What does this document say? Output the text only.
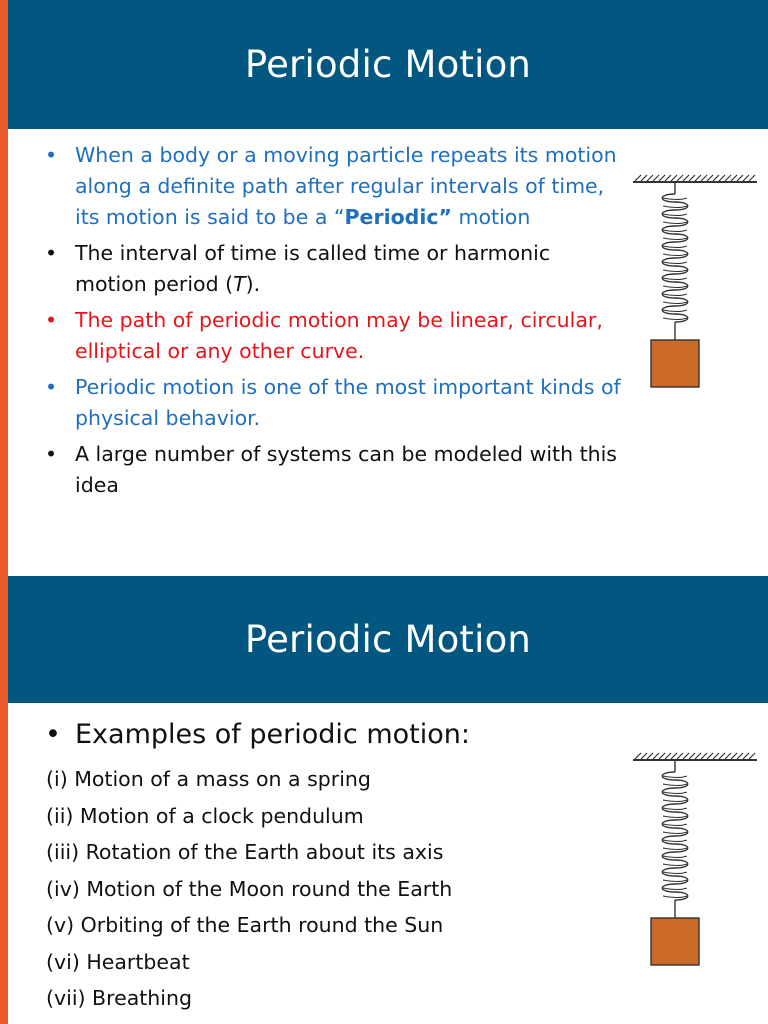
Periodic Motion
• When a body or a moving particle repeats its motion along a definite path after regular intervals of time, its motion is said to be a “Periodic” motion
• The interval of time is called time or harmonic motion period (T).
• The path of periodic motion may be linear, circular, elliptical or any other curve.
• Periodic motion is one of the most important kinds of physical behavior.
• A large number of systems can be modeled with this idea
Periodic Motion
• Examples of periodic motion:
(i) Motion of a mass on a spring
(ii) Motion of a clock pendulum
(iii) Rotation of the Earth about its axis
(iv) Motion of the Moon round the Earth
(v) Orbiting of the Earth round the Sun
(vi) Heartbeat
(vii) Breathing
